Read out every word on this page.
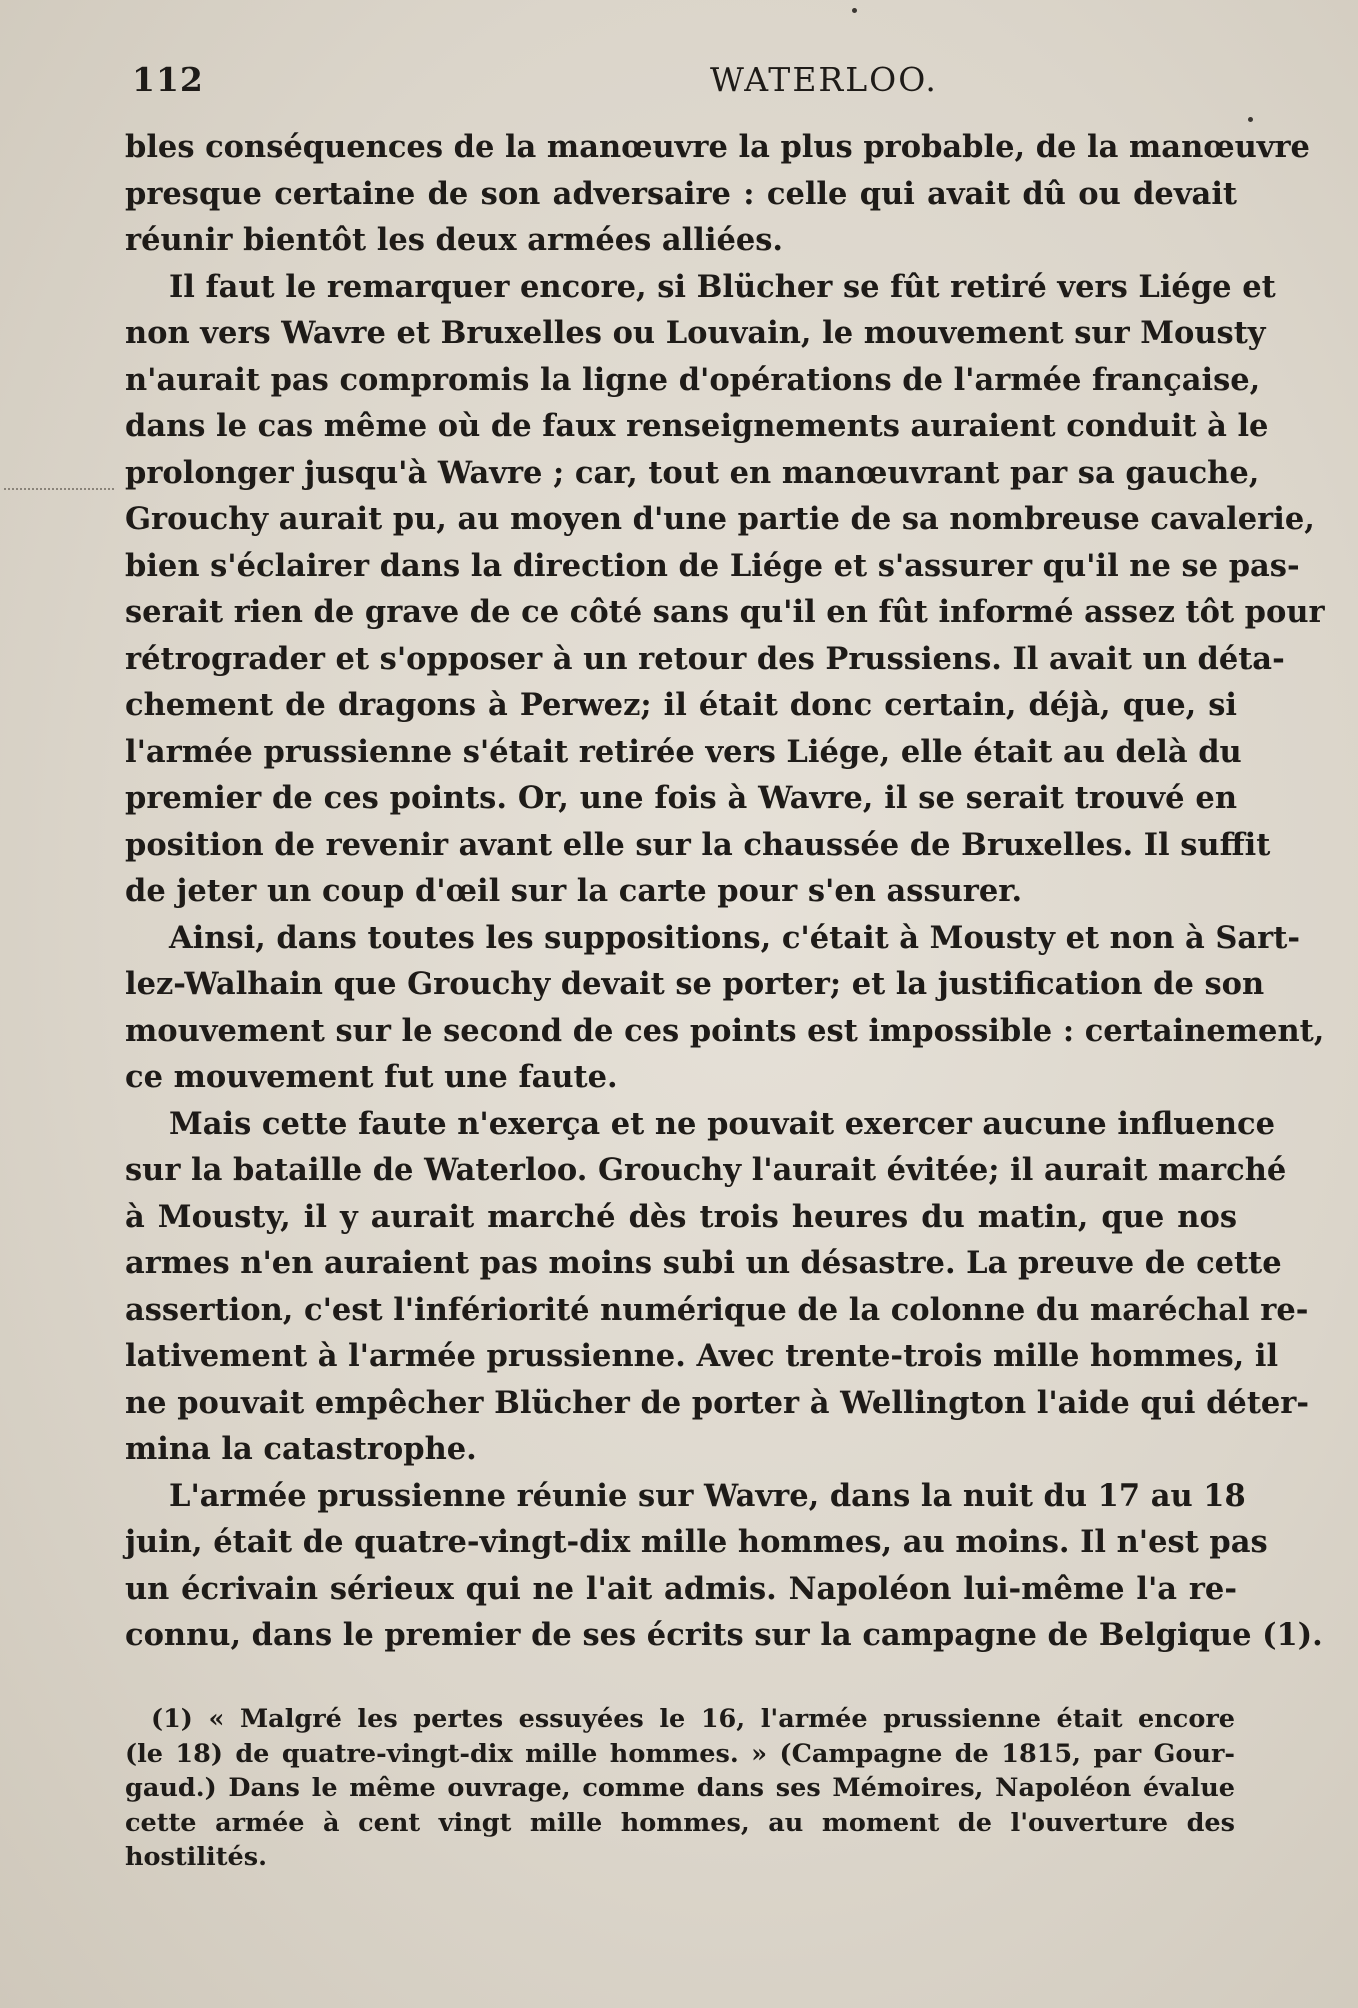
112	WATERLOO.
bles conséquences de la manœuvre la plus probable, de la manœuvre
presque certaine de son adversaire : celle qui avait dû ou devait
réunir bientôt les deux armées alliées.
Il faut le remarquer encore, si Blücher se fût retiré vers Liége et
non vers Wavre et Bruxelles ou Louvain, le mouvement sur Mousty
n'aurait pas compromis la ligne d'opérations de l'armée française,
dans le cas même où de faux renseignements auraient conduit à le
prolonger jusqu'à Wavre ; car, tout en manœuvrant par sa gauche,
Grouchy aurait pu, au moyen d'une partie de sa nombreuse cavalerie,
bien s'éclairer dans la direction de Liége et s'assurer qu'il ne se pas-
serait rien de grave de ce côté sans qu'il en fût informé assez tôt pour
rétrograder et s'opposer à un retour des Prussiens. Il avait un déta-
chement de dragons à Perwez; il était donc certain, déjà, que, si
l'armée prussienne s'était retirée vers Liége, elle était au delà du
premier de ces points. Or, une fois à Wavre, il se serait trouvé en
position de revenir avant elle sur la chaussée de Bruxelles. Il suffit
de jeter un coup d'œil sur la carte pour s'en assurer.
Ainsi, dans toutes les suppositions, c'était à Mousty et non à Sart-
lez-Walhain que Grouchy devait se porter; et la justification de son
mouvement sur le second de ces points est impossible : certainement,
ce mouvement fut une faute.
Mais cette faute n'exerça et ne pouvait exercer aucune influence
sur la bataille de Waterloo. Grouchy l'aurait évitée; il aurait marché
à Mousty, il y aurait marché dès trois heures du matin, que nos
armes n'en auraient pas moins subi un désastre. La preuve de cette
assertion, c'est l'infériorité numérique de la colonne du maréchal re-
lativement à l'armée prussienne. Avec trente-trois mille hommes, il
ne pouvait empêcher Blücher de porter à Wellington l'aide qui déter-
mina la catastrophe.
L'armée prussienne réunie sur Wavre, dans la nuit du 17 au 18
juin, était de quatre-vingt-dix mille hommes, au moins. Il n'est pas
un écrivain sérieux qui ne l'ait admis. Napoléon lui-même l'a re-
connu, dans le premier de ses écrits sur la campagne de Belgique (1).
(1) « Malgré les pertes essuyées le 16, l'armée prussienne était encore
(le 18) de quatre-vingt-dix mille hommes. » (Campagne de 1815, par Gour-
gaud.) Dans le même ouvrage, comme dans ses Mémoires, Napoléon évalue
cette armée à cent vingt mille hommes, au moment de l'ouverture des
hostilités.
